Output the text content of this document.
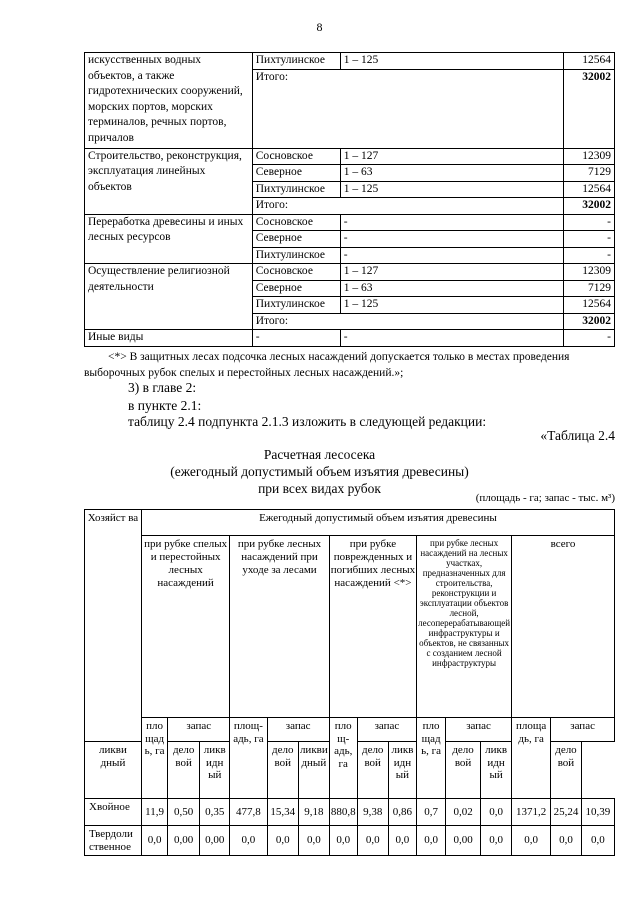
8
искусственных водных объектов, а также гидротехнических сооружений, морских портов, морских терминалов, речных портов, причалов	Пихтулинское	1 – 125	12564
	Итого:		32002
Строительство, реконструкция, эксплуатация линейных объектов	Сосновское	1 – 127	12309
	Северное	1 – 63	7129
	Пихтулинское	1 – 125	12564
	Итого:		32002
Переработка древесины и иных лесных ресурсов	Сосновское	-	-
	Северное	-	-
	Пихтулинское	-	-
Осуществление религиозной деятельности	Сосновское	1 – 127	12309
	Северное	1 – 63	7129
	Пихтулинское	1 – 125	12564
	Итого:		32002
Иные виды	-	-	-
<*> В защитных лесах подсочка лесных насаждений допускается только в местах проведения выборочных рубок спелых и перестойных лесных насаждений.»;
3) в главе 2:
в пункте 2.1:
таблицу 2.4 подпункта 2.1.3 изложить в следующей редакции:
«Таблица 2.4
Расчетная лесосека
(ежегодный допустимый объем изъятия древесины)
при всех видах рубок
(площадь - га; запас - тыс. м³)
Хозяйст ва	Ежегодный допустимый объем изъятия древесины														
	при рубке спелых и перестойных лесных насаждений			при рубке лесных насаждений при уходе за лесами			при рубке поврежденных и погибших лесных насаждений <*>			при рубке лесных насаждений на лесных участках, предназначенных для строительства, реконструкции и эксплуатации объектов лесной, лесоперерабатывающей инфраструктуры и объектов, не связанных с созданием лесной инфраструктуры			всего		
	пло щад ь, га	запас		площ- адь, га	запас		пло щ- адь, га	запас		пло щад ь, га	запас		площа дь, га	запас	
ликви дный		дело вой	ликв идн ый		дело вой	ликви дный		дело вой	ликв идн ый		дело вой	ликв идн ый		дело вой	
Хвойное	11,9	0,50	0,35	477,8	15,34	9,18	880,8	9,38	0,86	0,7	0,02	0,0	1371,2	25,24	10,39
Твердоли ственное	0,0	0,00	0,00	0,0	0,0	0,0	0,0	0,0	0,0	0,0	0,00	0,0	0,0	0,0	0,0
